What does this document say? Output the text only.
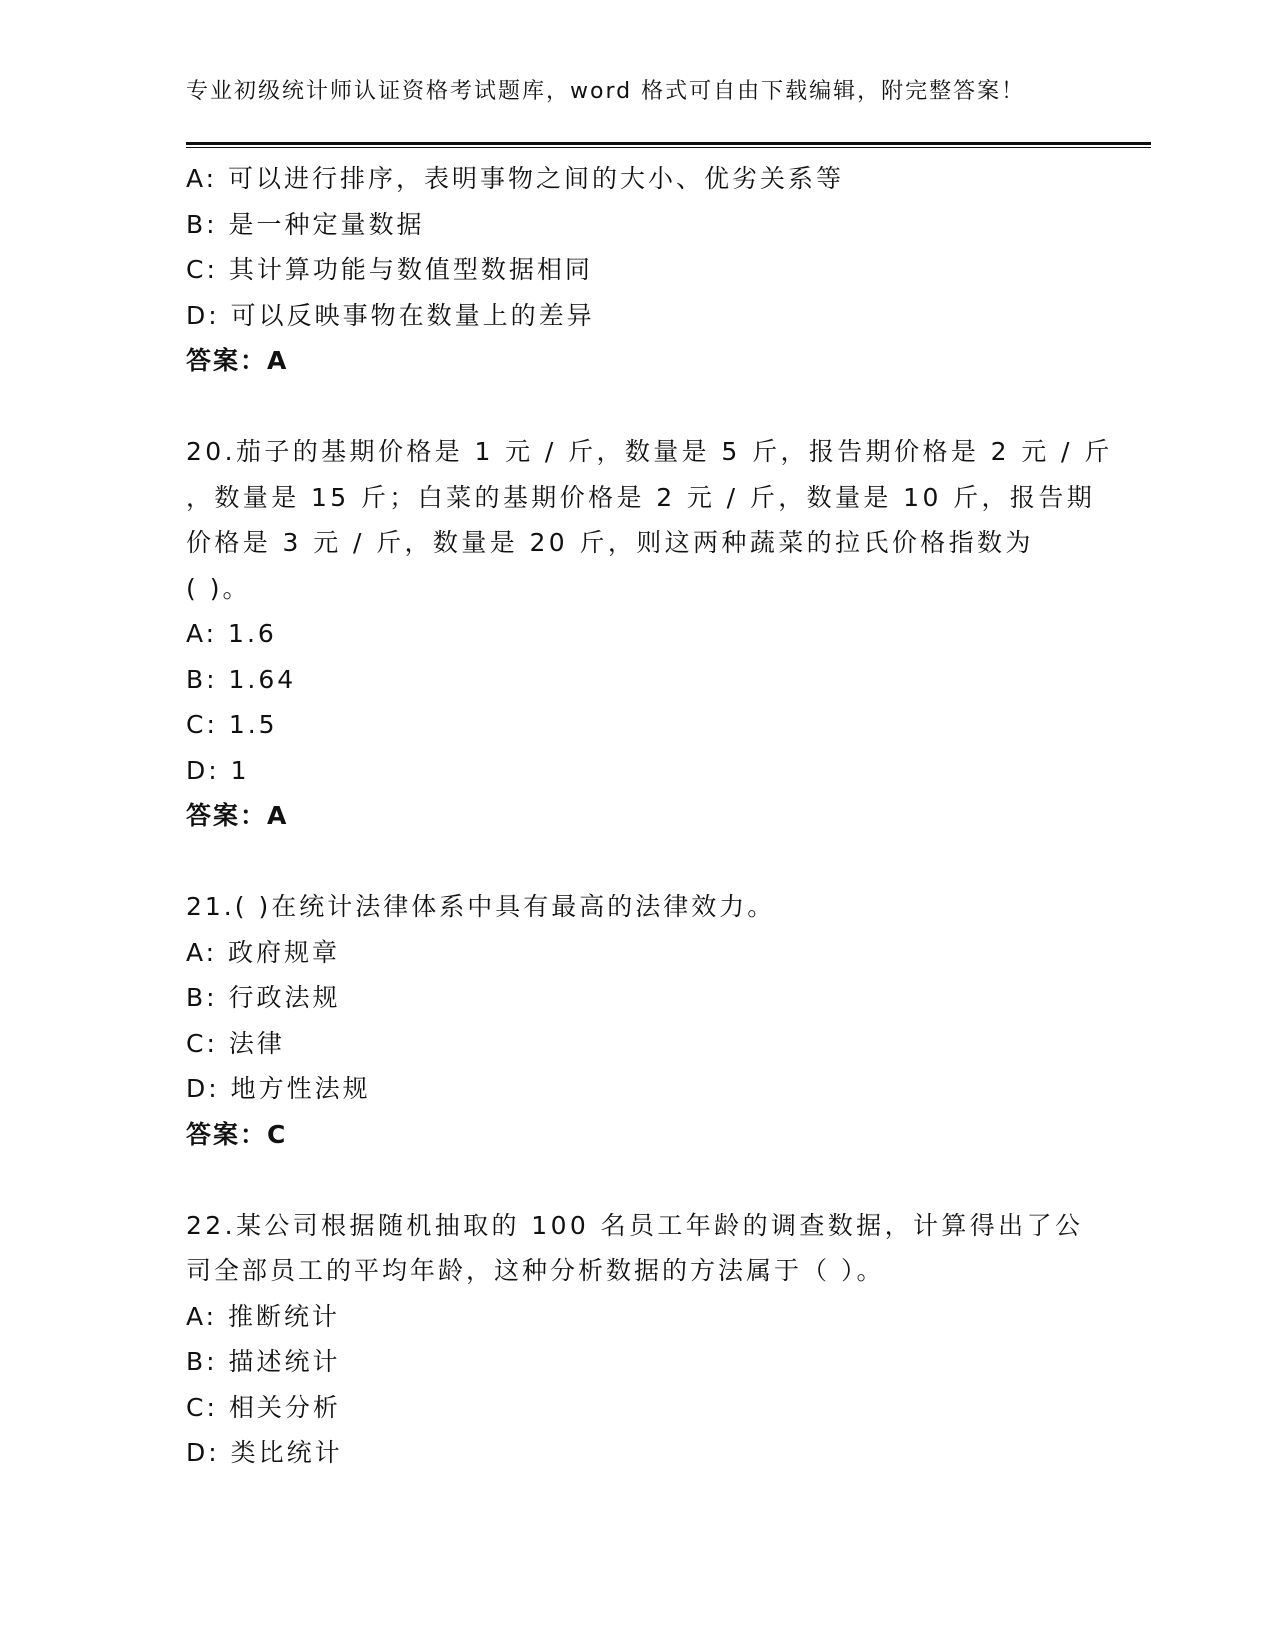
专业初级统计师认证资格考试题库，word 格式可自由下载编辑，附完整答案！
A: 可以进行排序，表明事物之间的大小、优劣关系等
B: 是一种定量数据
C: 其计算功能与数值型数据相同
D: 可以反映事物在数量上的差异
答案：A
20.茄子的基期价格是 1 元 / 斤，数量是 5 斤，报告期价格是 2 元 / 斤
，数量是 15 斤；白菜的基期价格是 2 元 / 斤，数量是 10 斤，报告期
价格是 3 元 / 斤，数量是 20 斤，则这两种蔬菜的拉氏价格指数为
( )。
A: 1.6
B: 1.64
C: 1.5
D: 1
答案：A
21.( )在统计法律体系中具有最高的法律效力。
A: 政府规章
B: 行政法规
C: 法律
D: 地方性法规
答案：C
22.某公司根据随机抽取的 100 名员工年龄的调查数据，计算得出了公
司全部员工的平均年龄，这种分析数据的方法属于（ ）。
A: 推断统计
B: 描述统计
C: 相关分析
D: 类比统计
